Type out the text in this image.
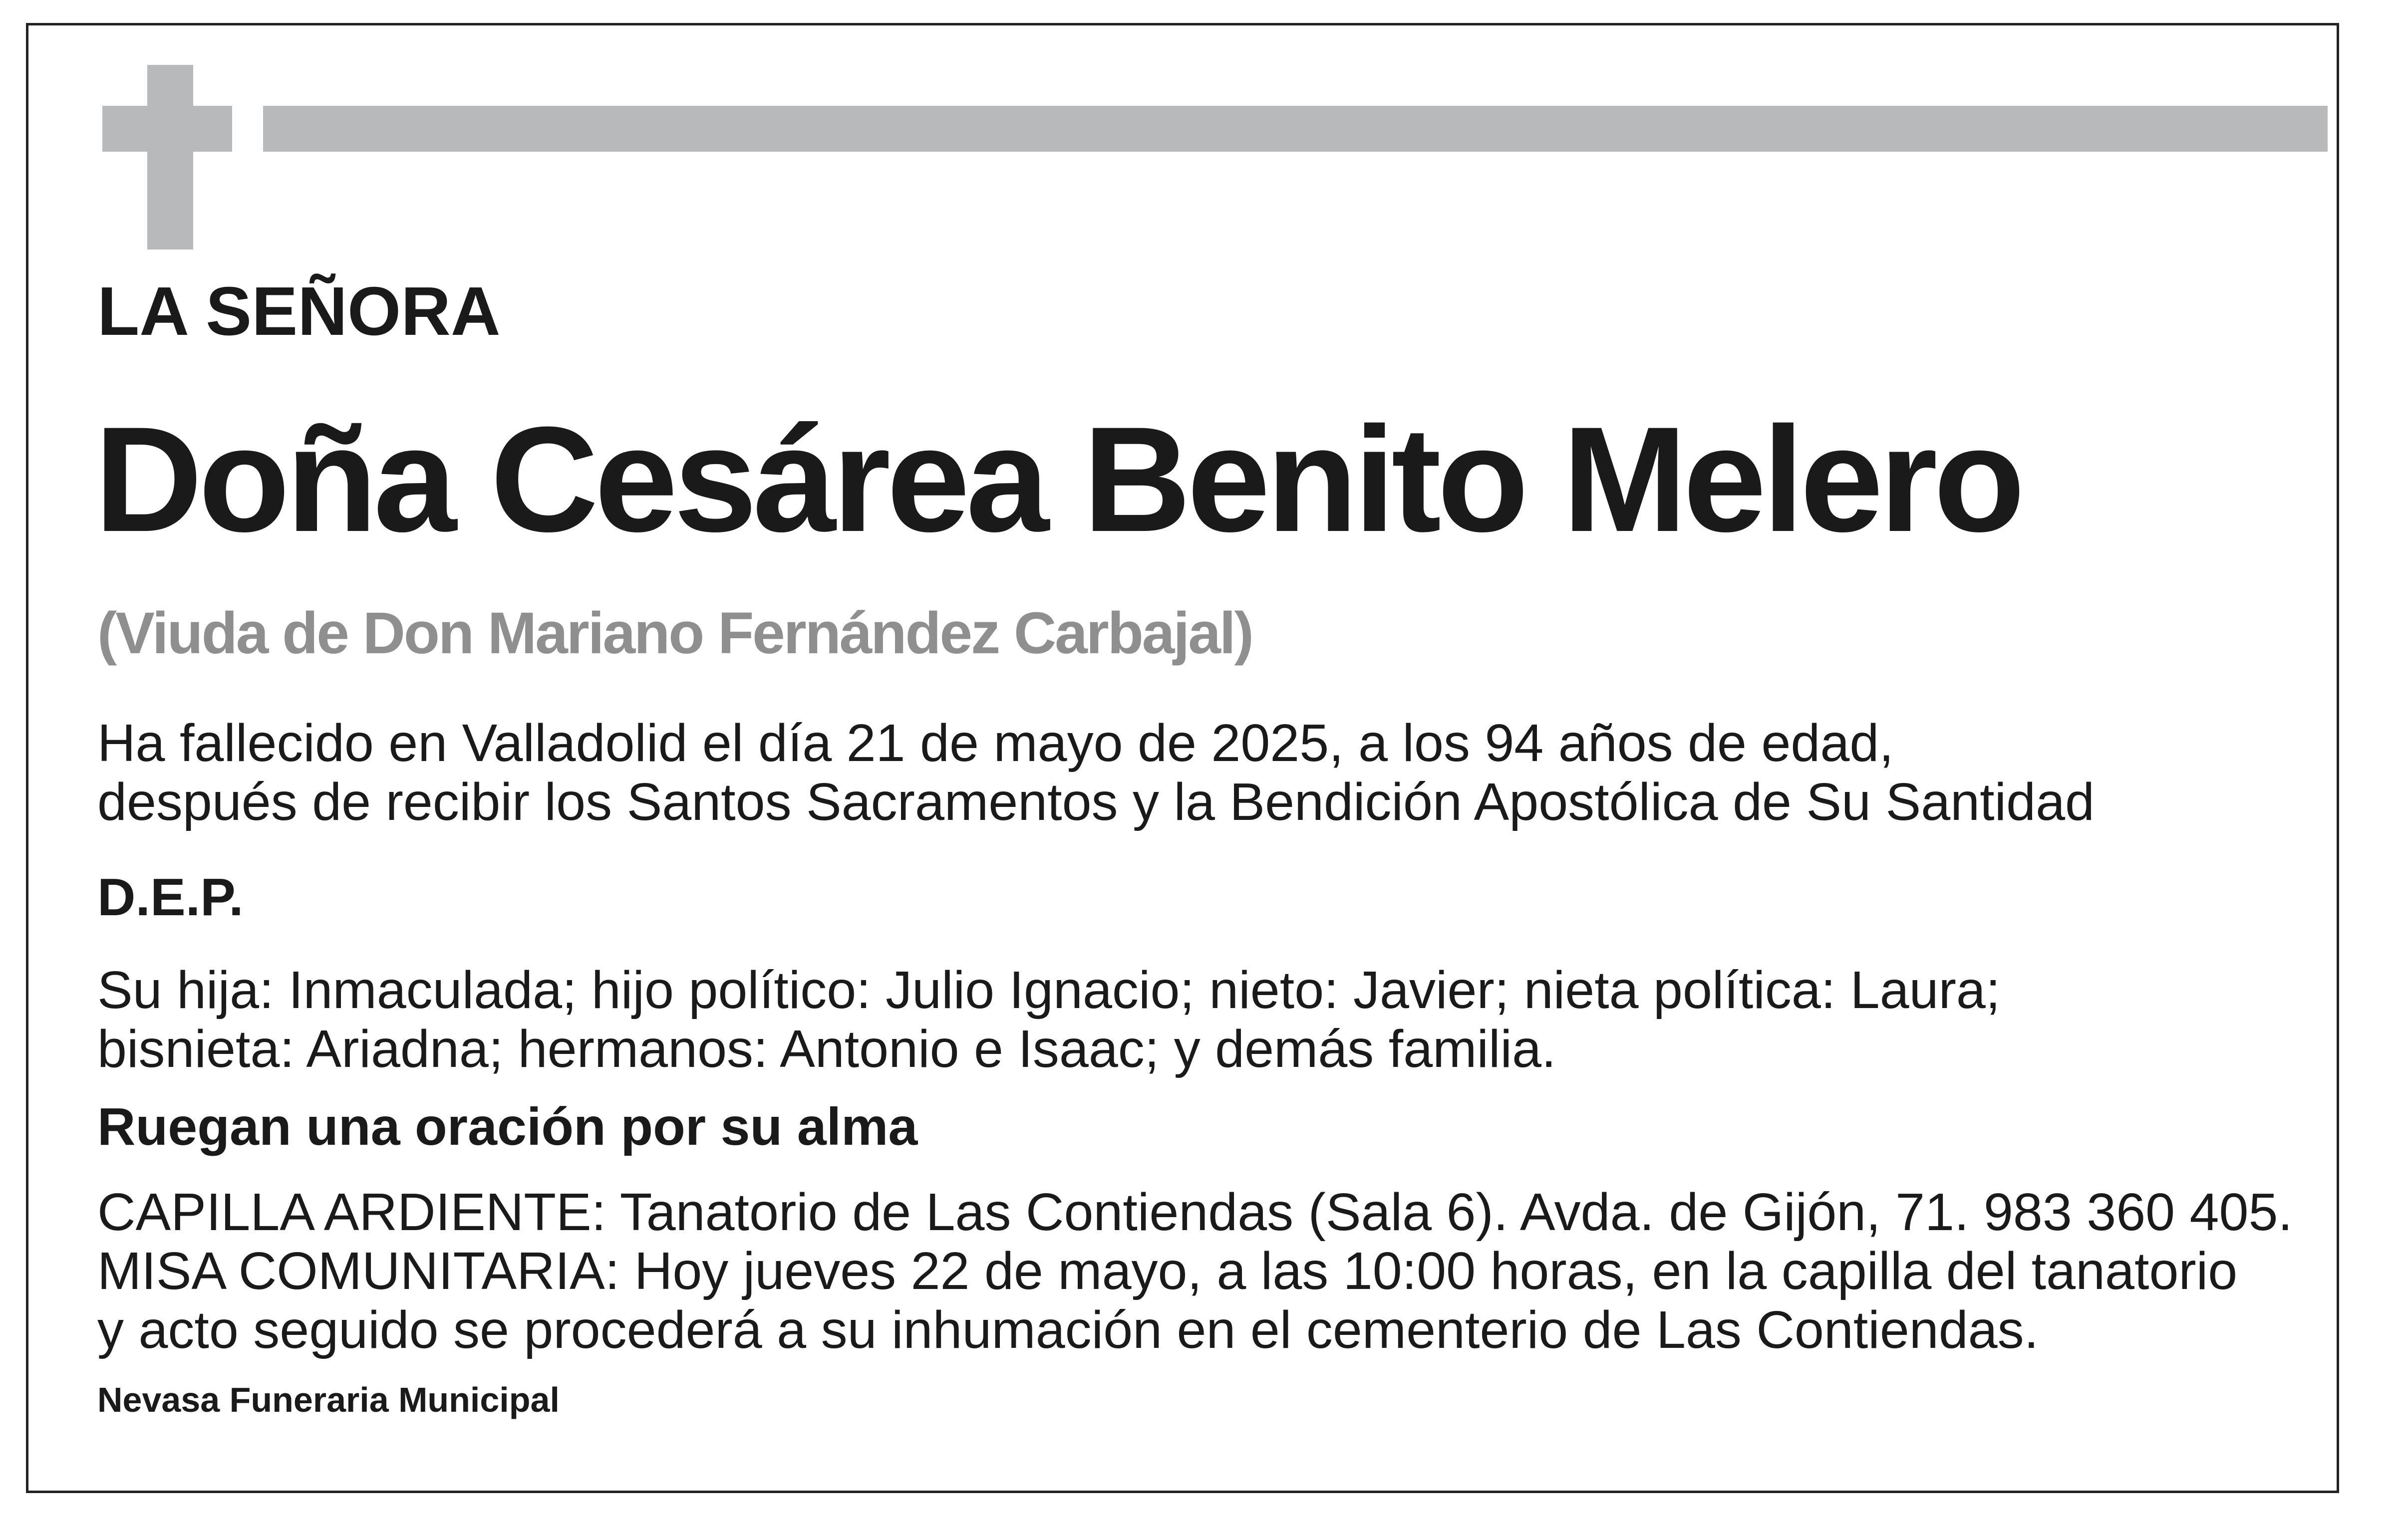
LA SEÑORA
Doña Cesárea Benito Melero
(Viuda de Don Mariano Fernández Carbajal)
Ha fallecido en Valladolid el día 21 de mayo de 2025, a los 94 años de edad,
después de recibir los Santos Sacramentos y la Bendición Apostólica de Su Santidad
D.E.P.
Su hija: Inmaculada; hijo político: Julio Ignacio; nieto: Javier; nieta política: Laura;
bisnieta: Ariadna; hermanos: Antonio e Isaac; y demás familia.
Ruegan una oración por su alma
CAPILLA ARDIENTE: Tanatorio de Las Contiendas (Sala 6). Avda. de Gijón, 71. 983 360 405.
MISA COMUNITARIA: Hoy jueves 22 de mayo, a las 10:00 horas, en la capilla del tanatorio
y acto seguido se procederá a su inhumación en el cementerio de Las Contiendas.
Nevasa Funeraria Municipal
